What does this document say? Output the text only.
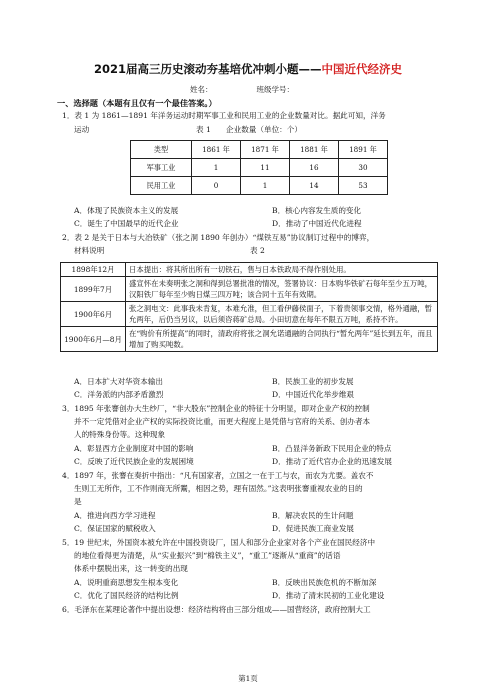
2021届高三历史滚动夯基培优冲刺小题——中国近代经济史
姓名：	班级学号：
一、选择题（本题有且仅有一个最佳答案。）
1．表 1 为 1861—1891 年洋务运动时期军事工业和民用工业的企业数量对比。据此可知，洋务
运动	表 1　　企业数量（单位：个）
类型	1861 年	1871 年	1881 年	1891 年
军事工业	1	11	16	30
民用工业	0	1	14	53
A．体现了民族资本主义的发展	B．核心内容发生质的变化
C．诞生了中国最早的近代企业	D．推动了中国近代化进程
2．表 2 是关于日本与大冶铁矿（张之洞 1890 年创办）“煤铁互易”协议制订过程中的博弈，
材料说明	表 2
1898年12月	日本提出：将其所出所有一切铁石，售与日本铁政局不得作别处用。
1899年7月	盛宣怀在未奏明张之洞和得到总署批准的情况，签署协议：日本购华铁矿石每年至少五万吨，汉阳铁厂每年至少购日煤三四万吨；该合同十五年有效期。
1900年6月	张之洞电文：此事我未肯复，本难允准，但工看伊藤侯面子，下着贵领事交情，格外通融，暂允两年，后仍当另议，以后须咨蒋矿总局。小田切意在每年不限五万吨，系持不许。
1900年6月—8月	在“购价有所提高”的同时，清政府将张之洞允诺通融的合同执行“暂允两年”延长到五年，而且增加了购买吨数。
A．日本扩大对华资本输出	B．民族工业的初步发展
C．洋务派的内部矛盾激烈	D．中国近代化举步维艰
3．1895 年张謇创办大生纱厂，“非大股东”控制企业的特征十分明显，即对企业产权的控制
并不一定凭借对企业产权的实际投资比重，而更大程度上是凭借与官府的关系、创办者本
人的特殊身份等。这种现象
A．彰显西方企业制度对中国的影响	B．凸显洋务新政下民用企业的特点
C．反映了近代民族企业的发展困境	D．推动了近代官办企业的迅速发展
4．1897 年，张謇在奏折中指出：“凡有国家者，立国之一在于工与农，而农为尤要。盖农不
生则工无所作，工不作则商无所鬻，相因之势，理有固然。”这表明张謇重视农业的目的
是
A．推进向西方学习进程	B．解决农民的生计问题
C．保证国家的赋税收入	D．促进民族工商业发展
5．19 世纪末，外国资本被允许在中国投资设厂，国人和部分企业家对各个产业在国民经济中
的地位看得更为清楚，从“实业振兴”到“棉铁主义”，“重工”逐渐从“重商”的话语
体系中摆脱出来，这一转变的出现
A．说明重商思想发生根本变化	B．反映出民族危机的不断加深
C．优化了国民经济的结构比例	D．推动了清末民初的工业化建设
6．毛泽东在某理论著作中提出设想：经济结构将由三部分组成——国营经济，政府控制大工
第1页
